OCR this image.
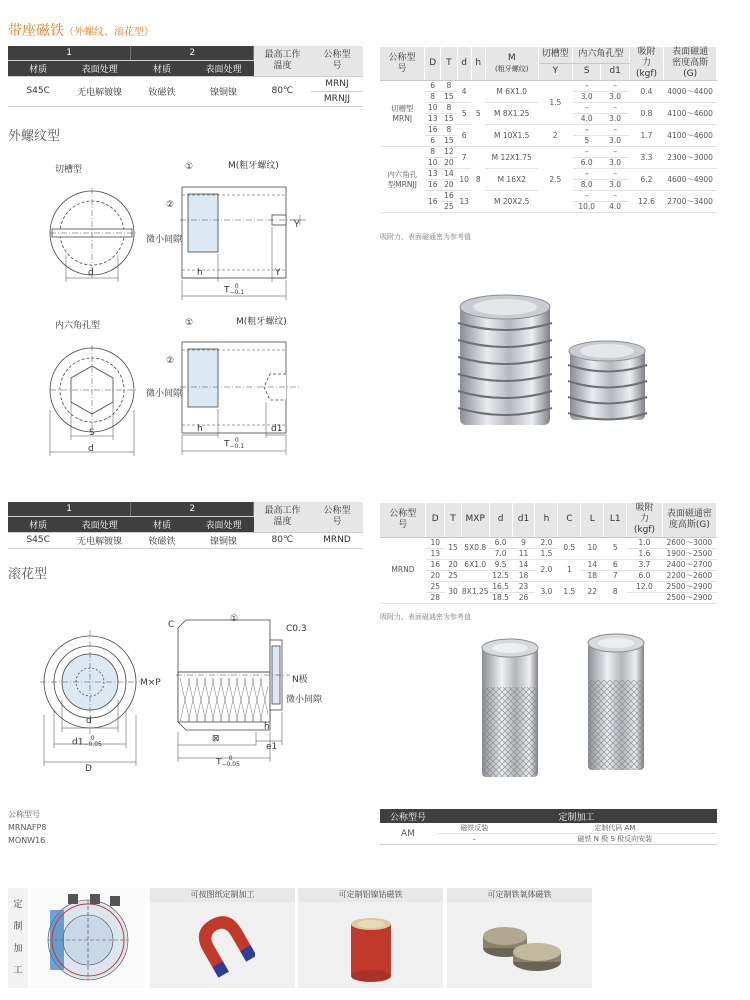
带座磁铁（外螺纹、滚花型）
1		2		最高工作温度	公称型号
材质	表面处理	材质	表面处理		
S45C	无电解镀镍	钕磁铁	镍铜镍	80℃	MRNJ
					MRNJJ
外螺纹型
切槽型	①	M(粗牙螺纹)
②
微小间隙
Y
d	h	Y
T 0
−0.1
内六角孔型	①	M(粗牙螺纹)
②
微小间隙
S
d
h	d1
T 0
−0.1
公称型号	D	T	d	h	M
(粗牙螺纹)	切槽型	内六角孔型		吸附力(kgf)	表面磁通密度高斯(G)
						Y	S	d1		
切槽型MRNJ	6	8	4	5	M 6X1.0	1.5	–	–	0.4	4000～4400
	8	15					3.0	3.0		
	10	8	5		M 8X1.25		–	–	0.8	4100～4600
	13	15					4.0	3.0		
	16	8	6		M 10X1.5	2	–	–	1.7	4100～4600
	6	15					5	3.0		
内六角孔型MRNJJ	8	12	7	8	M 12X1.75	2.5	–	–	3.3	2300～3000
	10	20					6.0	3.0		
	13	14	10		M 16X2		–	–	6.2	4600～4900
	16	20					8.0	3.0		
	16	16	13		M 20X2.5		–	–	12.6	2700～3400
		25					10.0	4.0		
吸附力、表面磁通密为参考值
1		2		最高工作温度	公称型号
材质	表面处理	材质	表面处理		
S45C	无电解镀镍	钕磁铁	镍铜镍	80℃	MRND
滚花型
C
①
C0.3
M×P	N极
微小间隙
d
d1	0
−0.05
D
⊠
h
e1
T	0
−0.05
公称型号	D	T	MXP	d	d1	h	C	L	L1	吸附力(kgf)	表面磁通密度高斯(G)
MRND	10	15	5X0.8	6.0	9	2.0	0.5	10	5	1.0	2600～3000
	13			7.0	11	1.5				1.6	1900～2500
	16	20	6X1.0	9.5	14	2.0	1	14	6	3.7	2400～2700
	20	25		12.5	18			18	7	6.0	2200～2600
	25	30	8X1.25	16.5	23	3.0	1.5	22	8	12.0	2500～2900
	28			18.5	26						2500～2900
吸附力、表面磁通密为参考值
公称型号
MRNAFP8
MONW16
公称型号	定制加工	
AM	磁铁反装	定制代码 AM
	–	磁铁 N 极 S 极反向安装
定
制
加
工
可按图纸定制加工	可定制铝镍钴磁铁	可定制铁氧体磁铁
